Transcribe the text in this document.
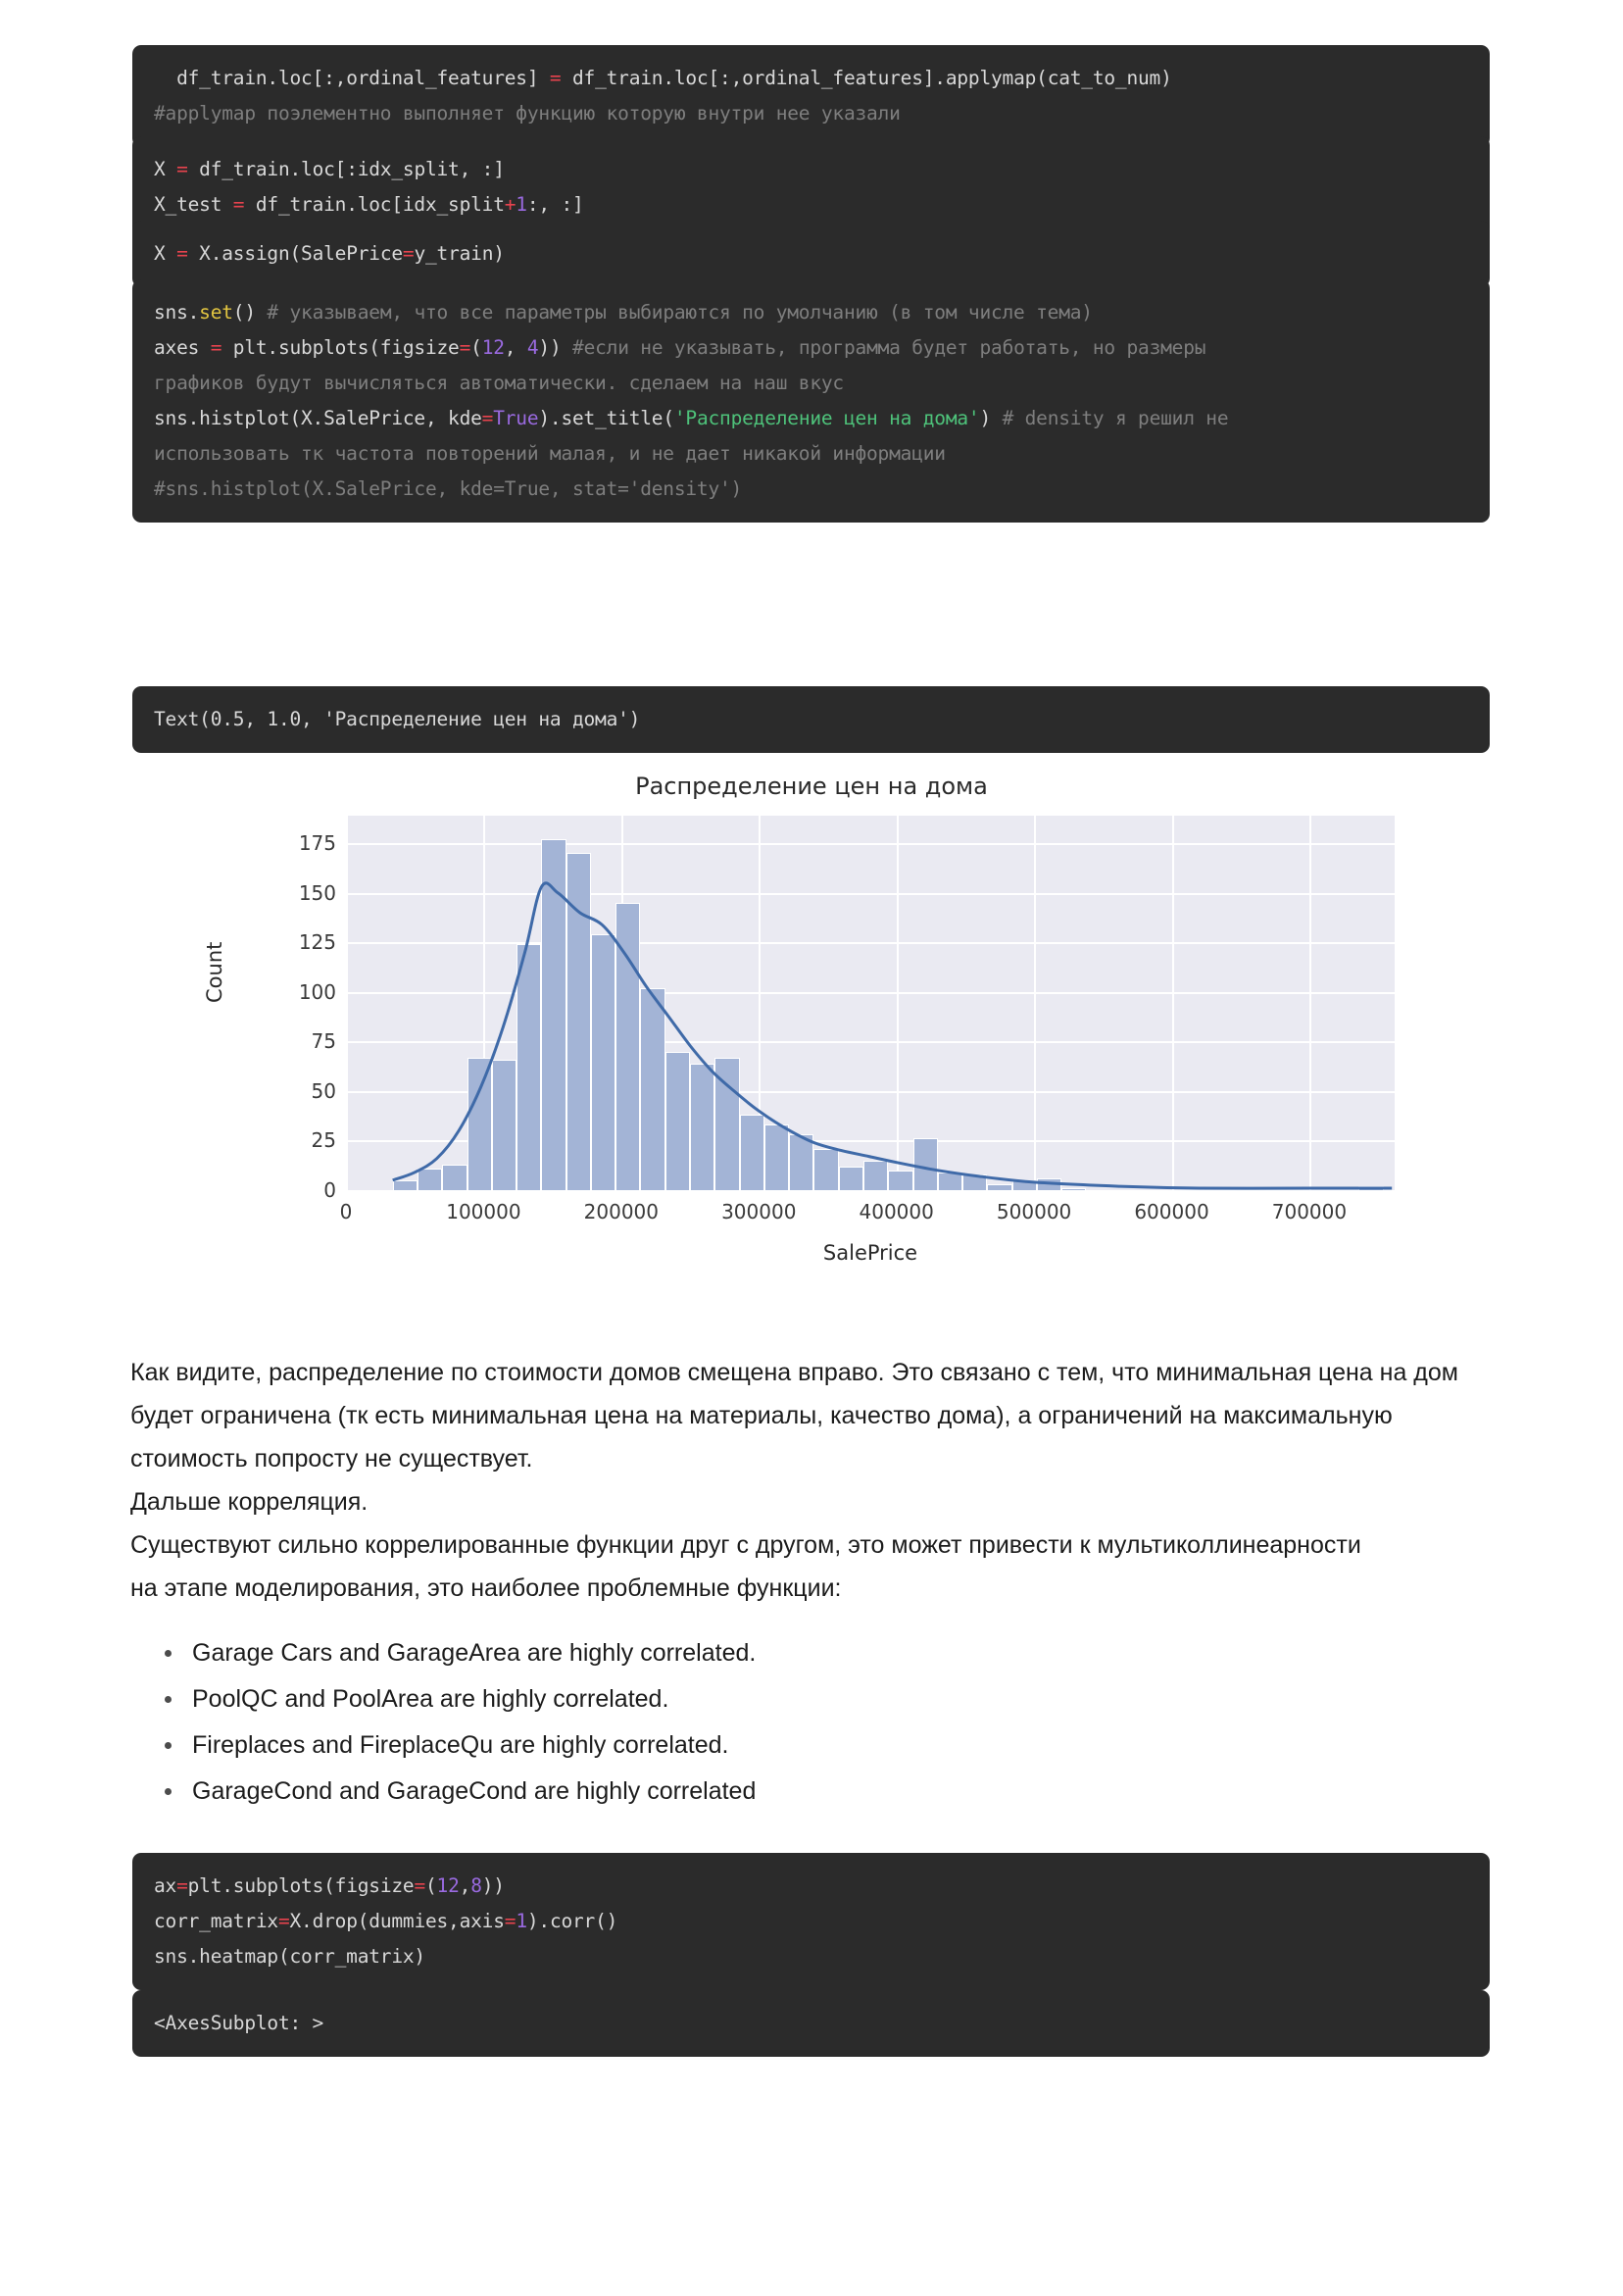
df_train.loc[:,ordinal_features] = df_train.loc[:,ordinal_features].applymap(cat_to_num)
#applymap поэлементно выполняет функцию которую внутри нее указали
X = df_train.loc[:idx_split, :]
X_test = df_train.loc[idx_split+1:, :]
X = X.assign(SalePrice=y_train)
sns.set() # указываем, что все параметры выбираются по умолчанию (в том числе тема)
axes = plt.subplots(figsize=(12, 4)) #если не указывать, программа будет работать, но размеры
графиков будут вычисляться автоматически. сделаем на наш вкус
sns.histplot(X.SalePrice, kde=True).set_title('Распределение цен на дома') # density я решил не
использовать тк частота повторений малая, и не дает никакой информации
#sns.histplot(X.SalePrice, kde=True, stat='density')
Text(0.5, 1.0, 'Распределение цен на дома')
Распределение цен на дома
0
25
50
75
100
125
150
175
Count
0	100000	200000	300000	400000	500000	600000	700000
SalePrice

Как видите, распределение по стоимости домов смещена вправо. Это связано с тем, что минимальная цена на дом будет ограничена (тк есть минимальная цена на материалы, качество дома), а ограничений на максимальную стоимость попросту не существует.

Дальше корреляция.

Существуют сильно коррелированные функции друг с другом, это может привести к мультиколлинеарности на этапе моделирования, это наиболее проблемные функции:

Garage Cars and GarageArea are highly correlated.
PoolQC and PoolArea are highly correlated.
Fireplaces and FireplaceQu are highly correlated.
GarageCond and GarageCond are highly correlated
ax=plt.subplots(figsize=(12,8))
corr_matrix=X.drop(dummies,axis=1).corr()
sns.heatmap(corr_matrix)
<AxesSubplot: >
